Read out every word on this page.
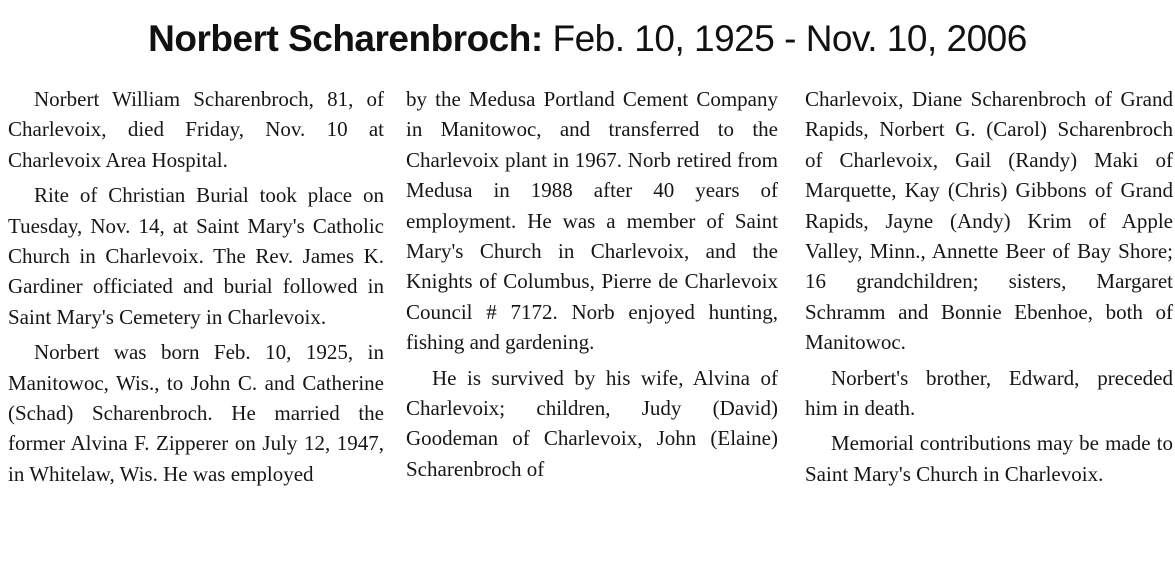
Norbert Scharenbroch: Feb. 10, 1925 - Nov. 10, 2006

Norbert William Scharenbroch, 81, of Charlevoix, died Friday, Nov. 10 at Charlevoix Area Hospital.

Rite of Christian Burial took place on Tuesday, Nov. 14, at Saint Mary's Catholic Church in Charlevoix. The Rev. James K. Gardiner officiated and burial followed in Saint Mary's Cemetery in Charlevoix.

Norbert was born Feb. 10, 1925, in Manitowoc, Wis., to John C. and Catherine (Schad) Scharenbroch. He married the former Alvina F. Zipperer on July 12, 1947, in Whitelaw, Wis. He was employed

by the Medusa Portland Cement Company in Manitowoc, and transferred to the Charlevoix plant in 1967. Norb retired from Medusa in 1988 after 40 years of employment. He was a member of Saint Mary's Church in Charlevoix, and the Knights of Columbus, Pierre de Charlevoix Council # 7172. Norb enjoyed hunting, fishing and gardening.

He is survived by his wife, Alvina of Charlevoix; children, Judy (David) Goodeman of Charlevoix, John (Elaine) Scharenbroch of

Charlevoix, Diane Scharenbroch of Grand Rapids, Norbert G. (Carol) Scharenbroch of Charlevoix, Gail (Randy) Maki of Marquette, Kay (Chris) Gibbons of Grand Rapids, Jayne (Andy) Krim of Apple Valley, Minn., Annette Beer of Bay Shore; 16 grandchildren; sisters, Margaret Schramm and Bonnie Ebenhoe, both of Manitowoc.

Norbert's brother, Edward, preceded him in death.

Memorial contributions may be made to Saint Mary's Church in Charlevoix.
